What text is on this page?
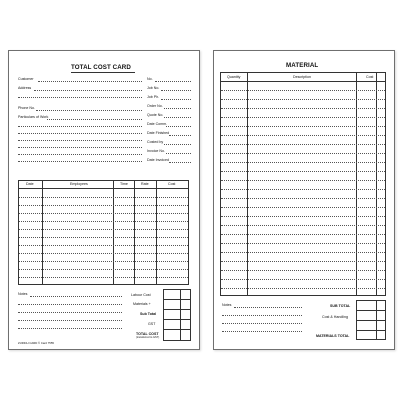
TOTAL COST CARD
Customer
Address
Phone No.
Particulars of Work
No.
Job No.
Job Ph.
Order No.
Quote No.
Date Comm.
Date Finished
Costed by
Invoice No.
Date Invoiced
Date	Employees	Time	Rate	Cost
Notes	Labour Cost
Materials +
Sub Total
GST
TOTAL COST
(transferred to GST)
ZURICH CARD © Card 7555
MATERIAL
Quantity	Description	Cost
Notes	SUB TOTAL
Cost & Handling
MATERIALS TOTAL
